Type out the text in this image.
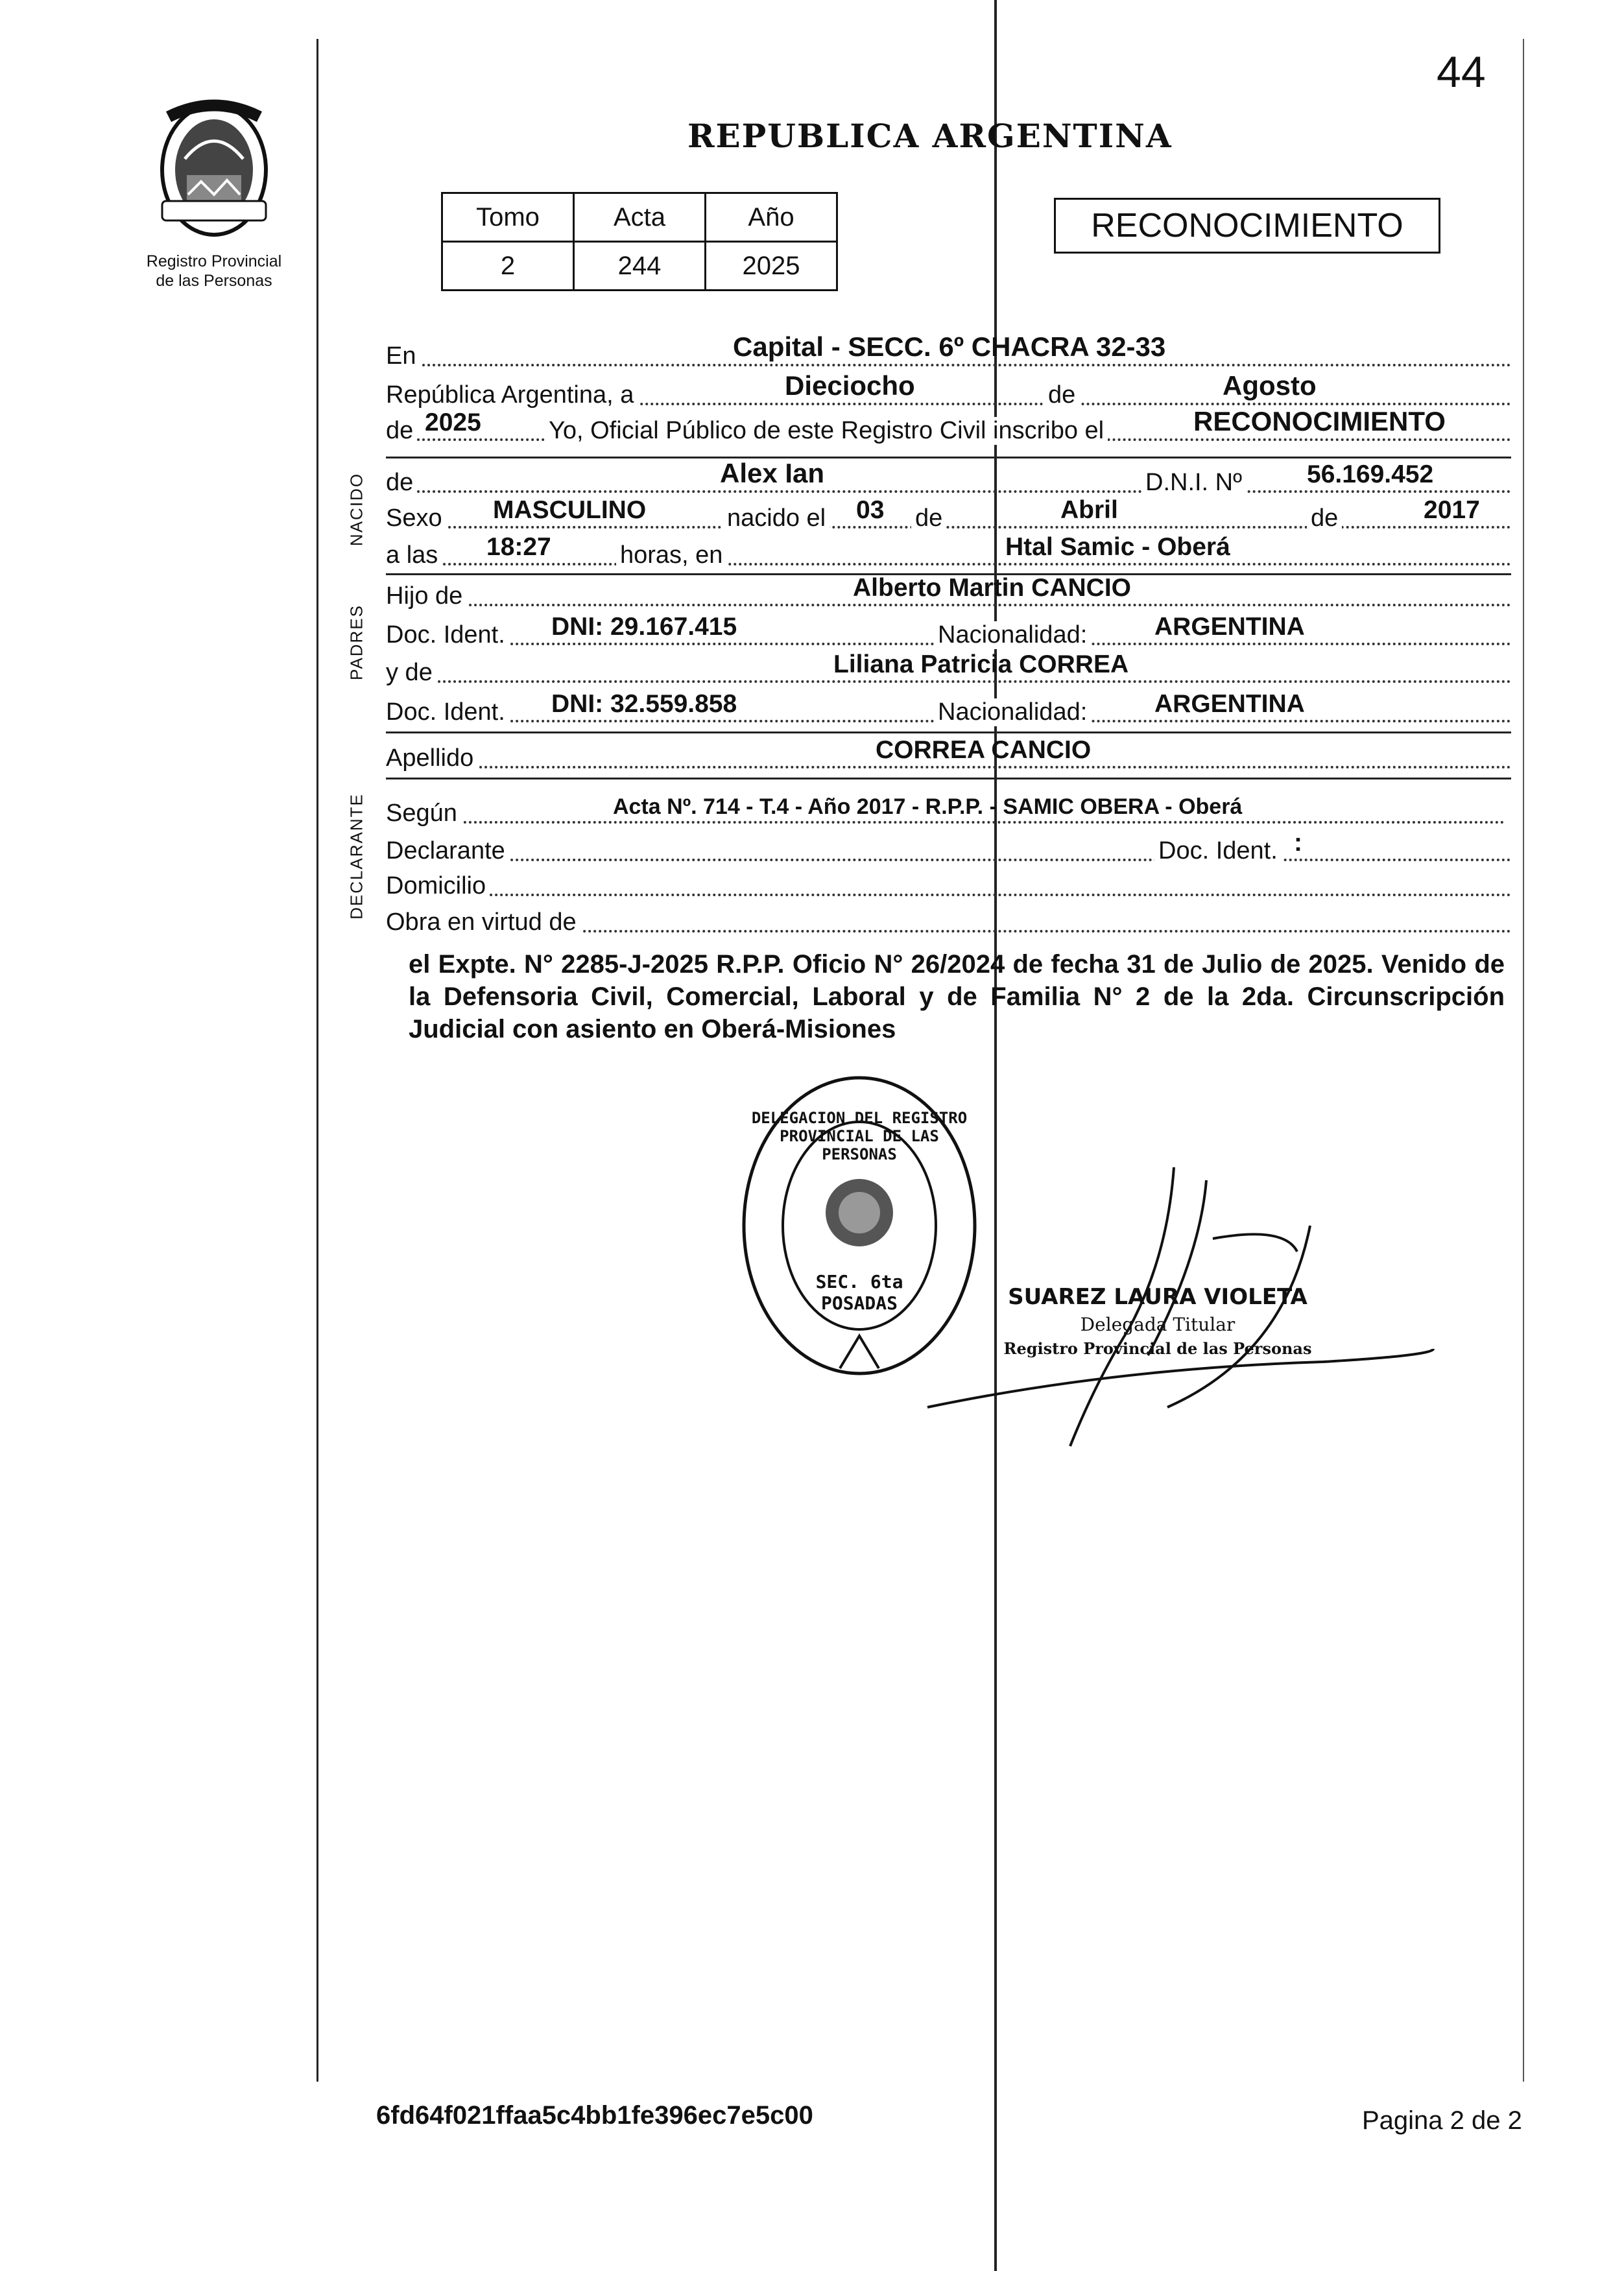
44
Registro Provincial
de las Personas
REPUBLICA ARGENTINA
Tomo	Acta	Año
2	244	2025
RECONOCIMIENTO
NACIDO
PADRES
DECLARANTE
En	Capital - SECC. 6º CHACRA 32-33
República Argentina, a	Dieciocho	de	Agosto
de 2025	Yo, Oficial Público de este Registro Civil inscribo el	RECONOCIMIENTO
de	Alex Ian	D.N.I. Nº	56.169.452
Sexo MASCULINO	nacido el 03 de	Abril	de	2017
a las 18:27	horas, en	Htal Samic - Oberá
Hijo de	Alberto Martin CANCIO
Doc. Ident. DNI: 29.167.415	Nacionalidad:	ARGENTINA
y de	Liliana Patricia CORREA
Doc. Ident. DNI: 32.559.858	Nacionalidad:	ARGENTINA
Apellido	CORREA CANCIO
Según	Acta Nº. 714 - T.4 - Año 2017 - R.P.P. - SAMIC OBERA - Oberá
Declarante	Doc. Ident. :
Domicilio
Obra en virtud de
el Expte. N° 2285-J-2025 R.P.P. Oficio N° 26/2024 de fecha 31 de Julio de 2025. Venido de la Defensoria Civil, Comercial, Laboral y de Familia N° 2 de la 2da. Circunscripción Judicial con asiento en Oberá-Misiones
DELEGACION DEL REGISTRO PROVINCIAL DE LAS PERSONAS
SEC. 6ta POSADAS	SUAREZ LAURA VIOLETA
Delegada Titular
Registro Provincial de las Personas
6fd64f021ffaa5c4bb1fe396ec7e5c00	Pagina 2 de 2
